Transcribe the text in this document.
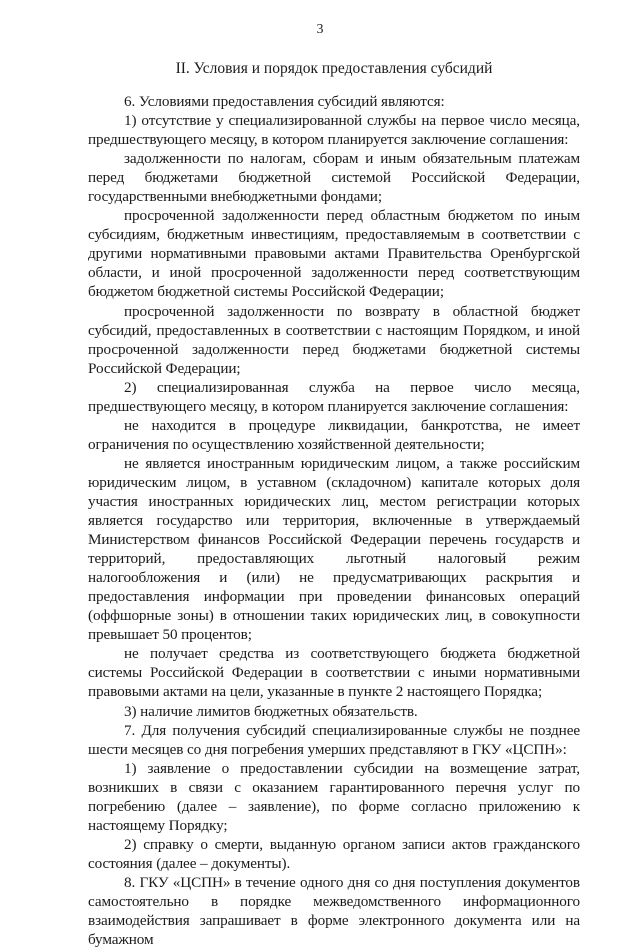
3
II. Условия и порядок предоставления субсидий

6. Условиями предоставления субсидий являются:

1) отсутствие у специализированной службы на первое число месяца, предшествующего месяцу, в котором планируется заключение соглашения:

задолженности по налогам, сборам и иным обязательным платежам перед бюджетами бюджетной системой Российской Федерации, государственными внебюджетными фондами;

просроченной задолженности перед областным бюджетом по иным субсидиям, бюджетным инвестициям, предоставляемым в соответствии с другими нормативными правовыми актами Правительства Оренбургской области, и иной просроченной задолженности перед соответствующим бюджетом бюджетной системы Российской Федерации;

просроченной задолженности по возврату в областной бюджет субсидий, предоставленных в соответствии с настоящим Порядком, и иной просроченной задолженности перед бюджетами бюджетной системы Российской Федерации;

2) специализированная служба на первое число месяца, предшествующего месяцу, в котором планируется заключение соглашения:

не находится в процедуре ликвидации, банкротства, не имеет ограничения по осуществлению хозяйственной деятельности;

не является иностранным юридическим лицом, а также российским юридическим лицом, в уставном (складочном) капитале которых доля участия иностранных юридических лиц, местом регистрации которых является государство или территория, включенные в утверждаемый Министерством финансов Российской Федерации перечень государств и территорий, предоставляющих льготный налоговый режим налогообложения и (или) не предусматривающих раскрытия и предоставления информации при проведении финансовых операций (оффшорные зоны) в отношении таких юридических лиц, в совокупности превышает 50 процентов;

не получает средства из соответствующего бюджета бюджетной системы Российской Федерации в соответствии с иными нормативными правовыми актами на цели, указанные в пункте 2 настоящего Порядка;

3) наличие лимитов бюджетных обязательств.

7. Для получения субсидий специализированные службы не позднее шести месяцев со дня погребения умерших представляют в ГКУ «ЦСПН»:

1) заявление о предоставлении субсидии на возмещение затрат, возникших в связи с оказанием гарантированного перечня услуг по погребению (далее – заявление), по форме согласно приложению к настоящему Порядку;

2) справку о смерти, выданную органом записи актов гражданского состояния (далее – документы).

8. ГКУ «ЦСПН» в течение одного дня со дня поступления документов самостоятельно в порядке межведомственного информационного взаимодействия запрашивает в форме электронного документа или на бумажном
